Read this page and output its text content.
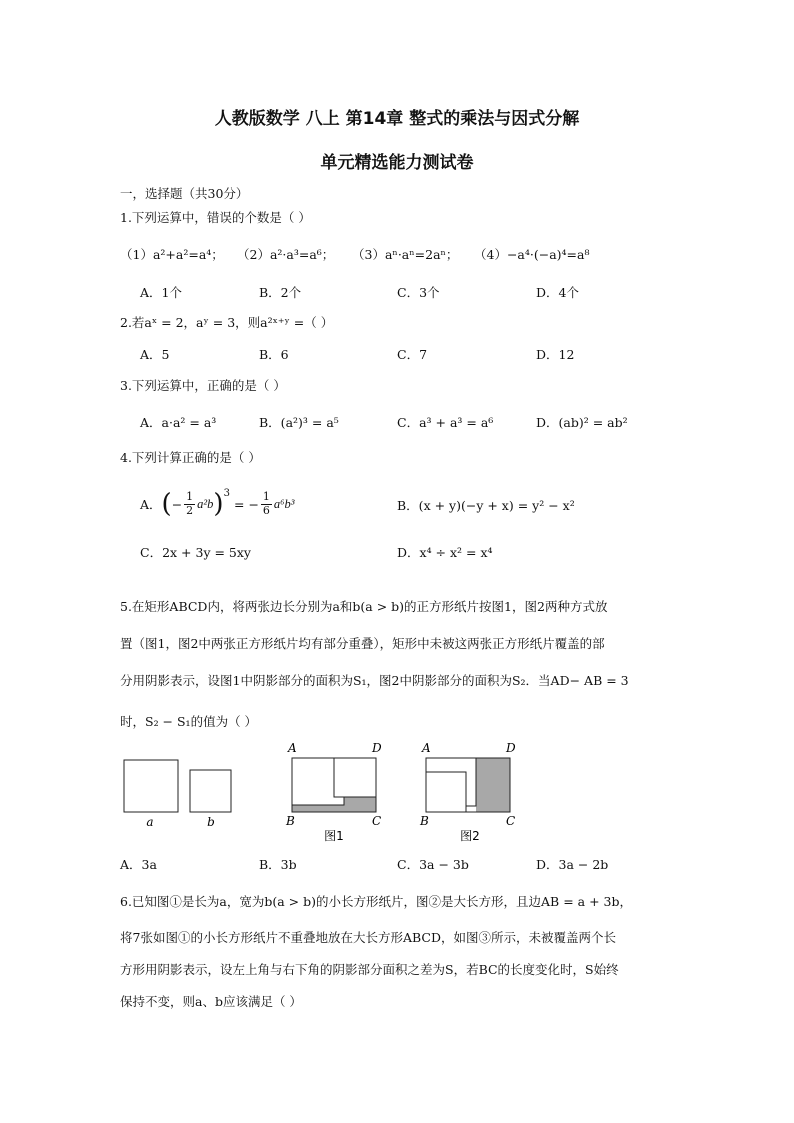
人教版数学 八上 第14章 整式的乘法与因式分解
单元精选能力测试卷
一，选择题（共30分）
1.下列运算中，错误的个数是（ ）
（1）a²+a²=a⁴； （2）a²·a³=a⁶； （3）aⁿ·aⁿ=2aⁿ； （4）−a⁴·(−a)⁴=a⁸
A．1个	B．2个	C．3个	D．4个
2.若aˣ = 2，aʸ = 3，则a²ˣ⁺ʸ =（ ）
A．5	B．6	C．7	D．12
3.下列运算中，正确的是（ ）
A．a·a² = a³	B．(a²)³ = a⁵	C．a³ + a³ = a⁶	D．(ab)² = ab²
4.下列计算正确的是（ ）
A． ( − $\frac{1}{2} a^2b$ ) 3
= − $\frac{1}{6} a^6b^3$	B．(x + y)(−y + x) = y² − x²
C．2x + 3y = 5xy	D．x⁴ ÷ x² = x⁴
5.在矩形ABCD内，将两张边长分别为a和b(a > b)的正方形纸片按图1，图2两种方式放
置（图1，图2中两张正方形纸片均有部分重叠），矩形中未被这两张正方形纸片覆盖的部
分用阴影表示，设图1中阴影部分的面积为S₁，图2中阴影部分的面积为S₂．当AD− AB = 3
时，S₂ − S₁的值为（ ）
a	b
A	D
B	C
图1
A	D
B	C
图2
A．3a	B．3b	C．3a − 3b	D．3a − 2b
6.已知图①是长为a，宽为b(a > b)的小长方形纸片，图②是大长方形，且边AB = a + 3b，
将7张如图①的小长方形纸片不重叠地放在大长方形ABCD，如图③所示，未被覆盖两个长
方形用阴影表示，设左上角与右下角的阴影部分面积之差为S，若BC的长度变化时，S始终
保持不变，则a、b应该满足（ ）
